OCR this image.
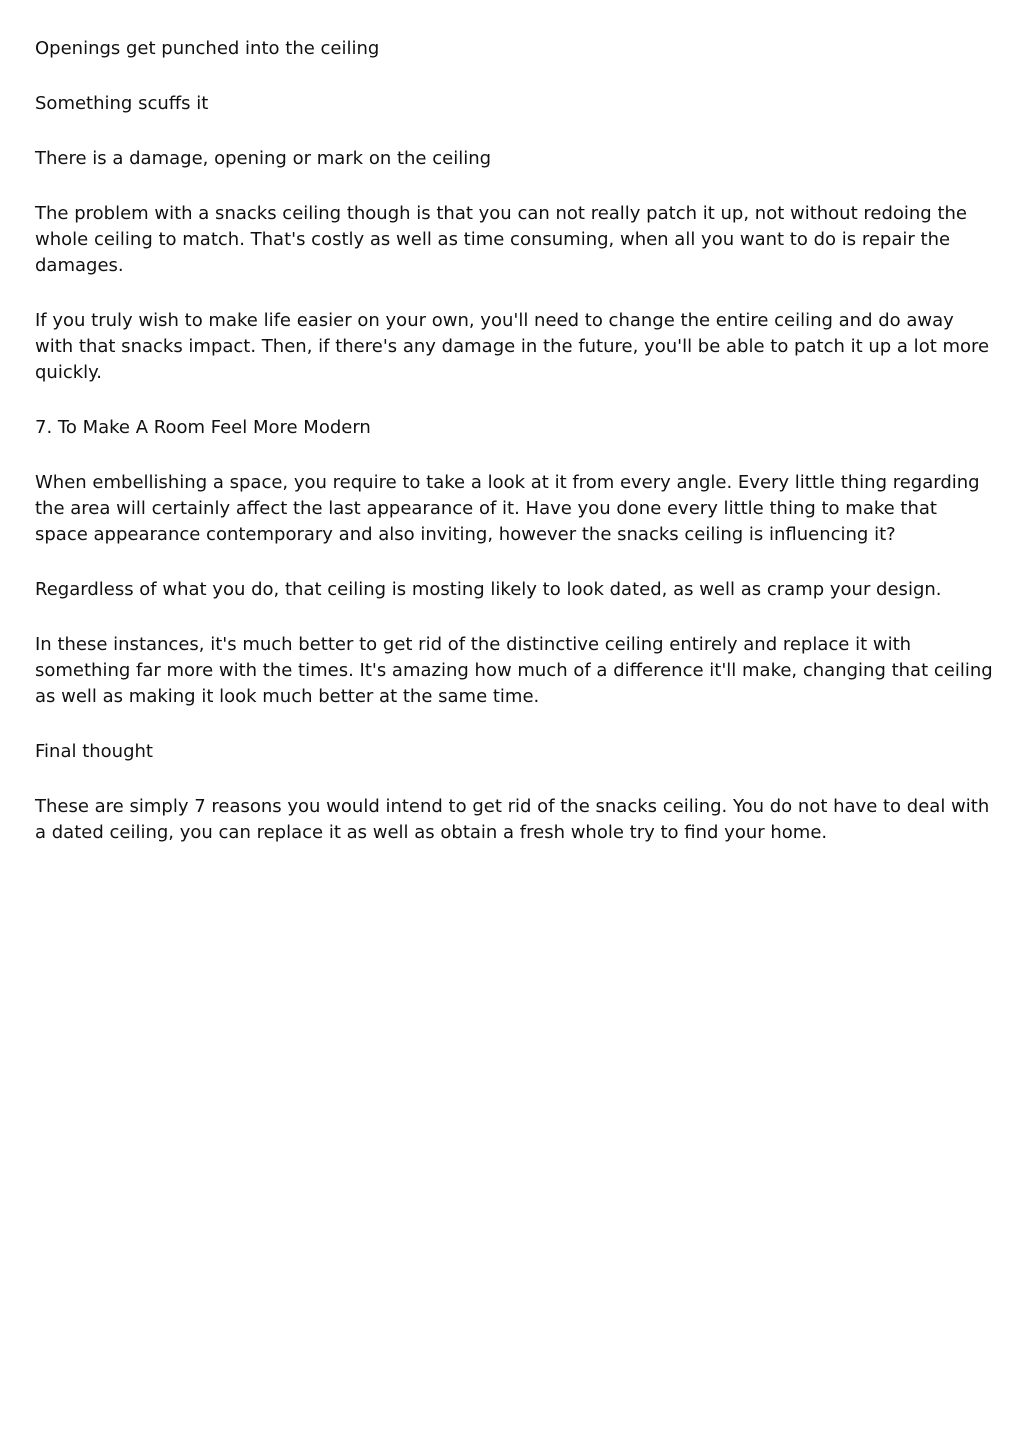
Openings get punched into the ceiling

Something scuffs it

There is a damage, opening or mark on the ceiling

The problem with a snacks ceiling though is that you can not really patch it up, not without redoing the whole ceiling to match. That's costly as well as time consuming, when all you want to do is repair the damages.

If you truly wish to make life easier on your own, you'll need to change the entire ceiling and do away with that snacks impact. Then, if there's any damage in the future, you'll be able to patch it up a lot more quickly.

7. To Make A Room Feel More Modern

When embellishing a space, you require to take a look at it from every angle. Every little thing regarding the area will certainly affect the last appearance of it. Have you done every little thing to make that space appearance contemporary and also inviting, however the snacks ceiling is influencing it?

Regardless of what you do, that ceiling is mosting likely to look dated, as well as cramp your design.

In these instances, it's much better to get rid of the distinctive ceiling entirely and replace it with something far more with the times. It's amazing how much of a difference it'll make, changing that ceiling as well as making it look much better at the same time.

Final thought

These are simply 7 reasons you would intend to get rid of the snacks ceiling. You do not have to deal with a dated ceiling, you can replace it as well as obtain a fresh whole try to find your home.
